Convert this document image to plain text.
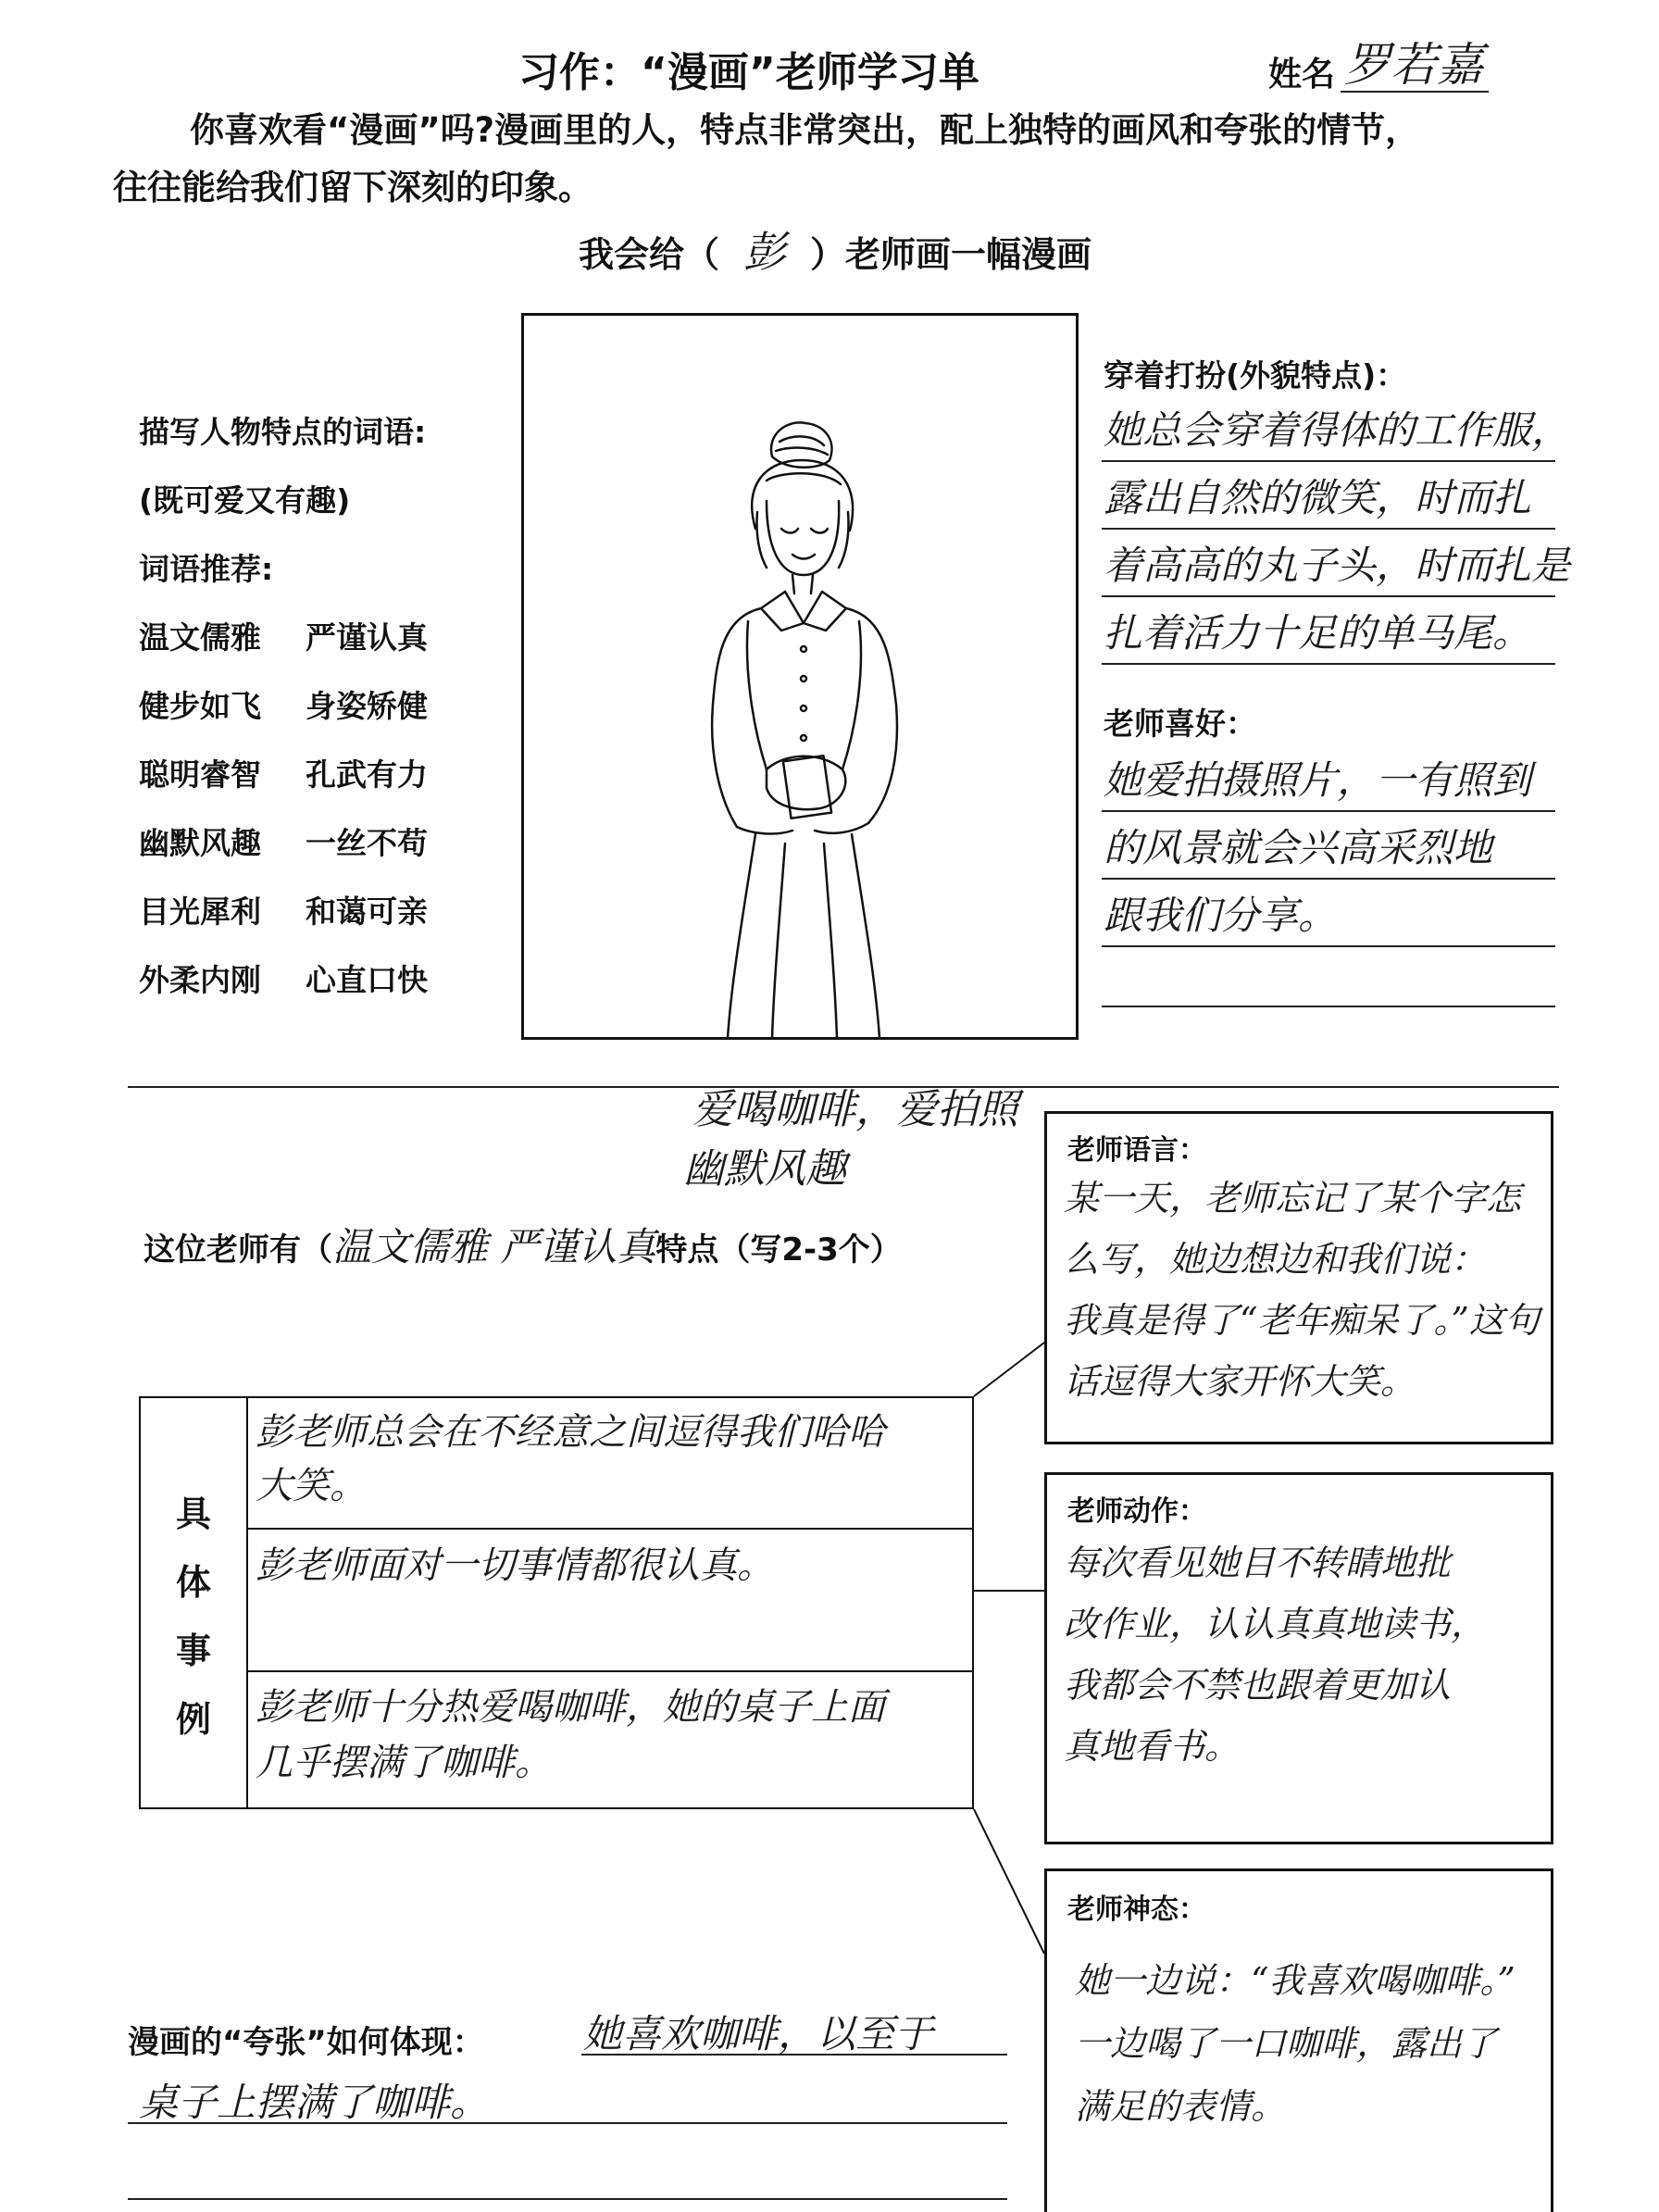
习作：“漫画”老师学习单	姓名 罗若嘉
你喜欢看“漫画”吗?漫画里的人，特点非常突出，配上独特的画风和夸张的情节，
往往能给我们留下深刻的印象。
我会给（ 彭 ）老师画一幅漫画
描写人物特点的词语:
(既可爱又有趣)
词语推荐:
温文儒雅 严谨认真
健步如飞 身姿矫健
聪明睿智 孔武有力
幽默风趣 一丝不苟
目光犀利 和蔼可亲
外柔内刚 心直口快
穿着打扮(外貌特点)：
她总会穿着得体的工作服，
露出自然的微笑，时而扎
着高高的丸子头，时而扎是
扎着活力十足的单马尾。
老师喜好：
她爱拍摄照片，一有照到
的风景就会兴高采烈地
跟我们分享。
爱喝咖啡，爱拍照
幽默风趣
这位老师有（温文儒雅 严谨认真特点（写2-3个）
具
体
事
例
彭老师总会在不经意之间逗得我们哈哈
大笑。
彭老师面对一切事情都很认真。
彭老师十分热爱喝咖啡，她的桌子上面
几乎摆满了咖啡。
老师语言：
某一天，老师忘记了某个字怎
么写，她边想边和我们说：
我真是得了“老年痴呆了。”这句
话逗得大家开怀大笑。
老师动作：
每次看见她目不转睛地批
改作业，认认真真地读书，
我都会不禁也跟着更加认
真地看书。
老师神态：
她一边说：“我喜欢喝咖啡。”
一边喝了一口咖啡，露出了
满足的表情。
漫画的“夸张”如何体现：	她喜欢咖啡，以至于
桌子上摆满了咖啡。
